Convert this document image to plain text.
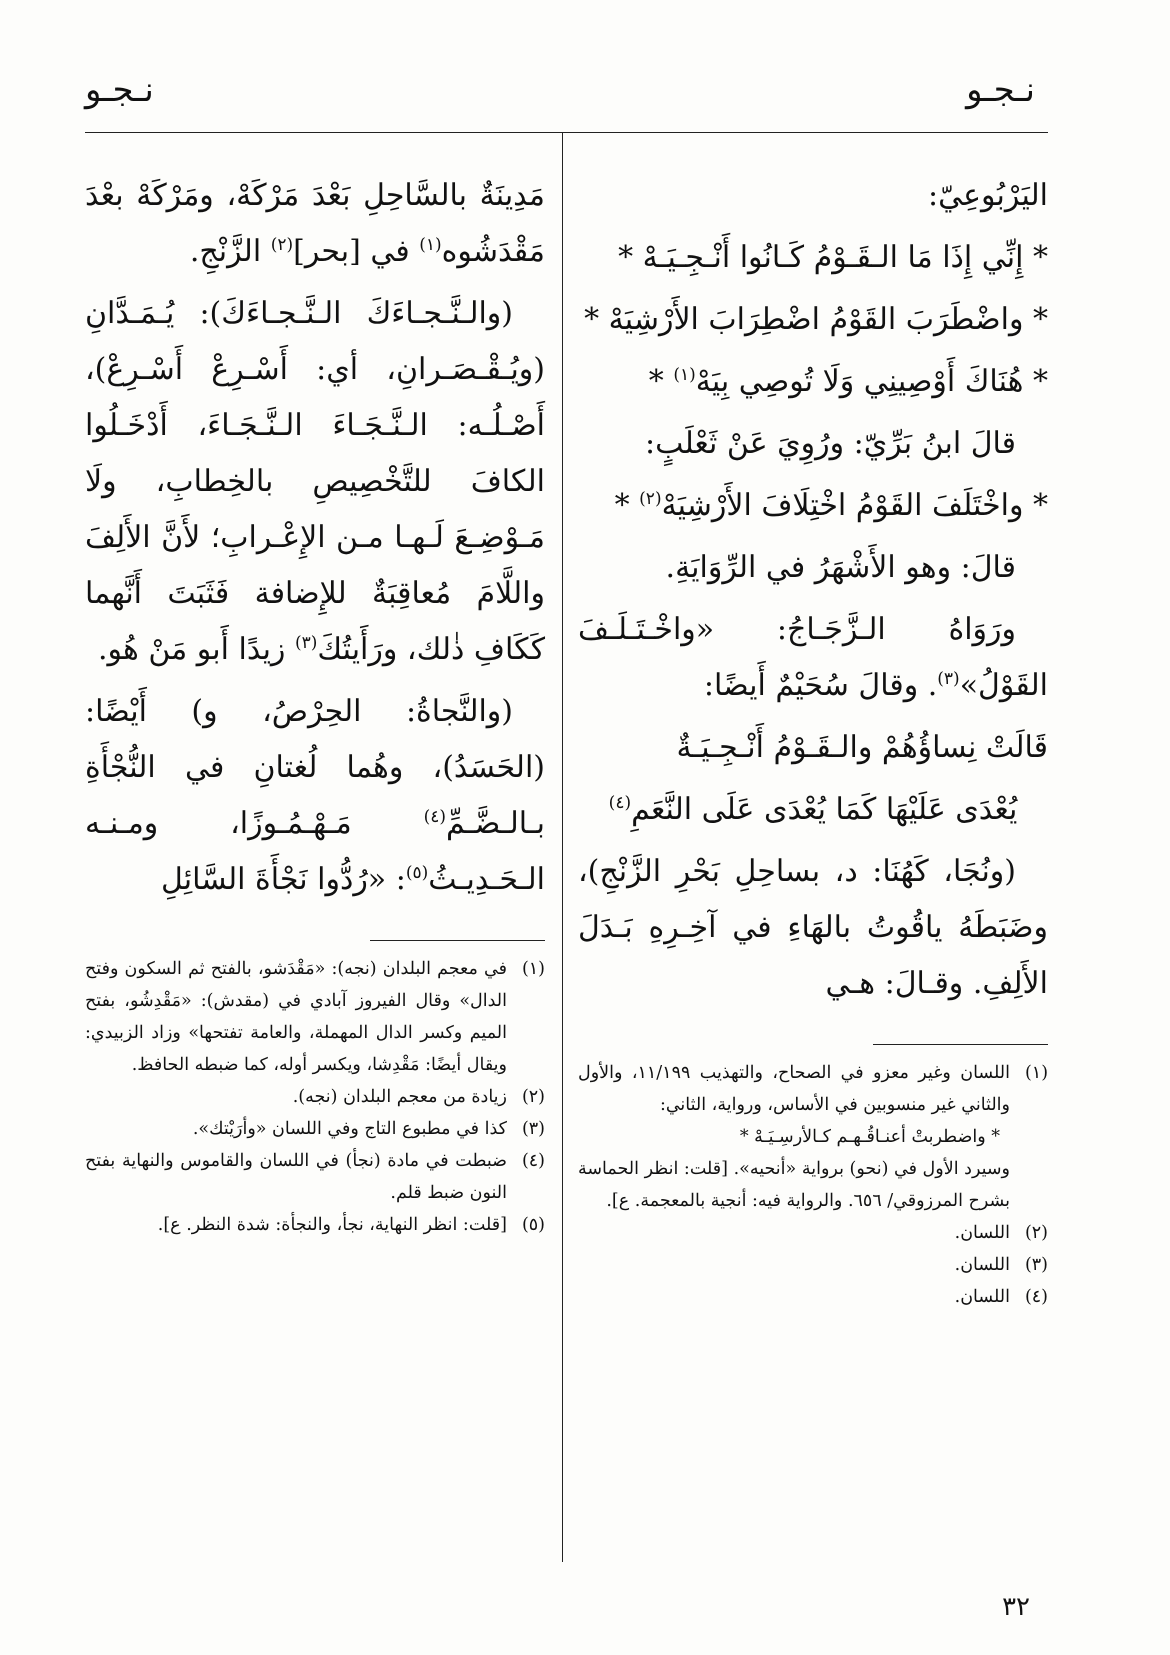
نـجـو
نـجـو

اليَرْبُوعِيّ:

* إِنِّي إِذَا مَا الـقَـوْمُ كَـانُوا أَنْـجِـيَـهْ *

* واضْطَرَبَ القَوْمُ اضْطِرَابَ الأَرْشِيَهْ *

* هُنَاكَ أَوْصِينِي وَلَا تُوصِي بِيَهْ$^{(١)}$ *

قالَ ابنُ بَرِّيّ: ورُوِيَ عَنْ ثَعْلَبٍ:

* واخْتَلَفَ القَوْمُ اخْتِلَافَ الأَرْشِيَهْ$^{(٢)}$ *

قالَ: وهو الأَشْهَرُ في الرِّوَايَةِ.

ورَوَاهُ الـزَّجَـاجُ: «واخْـتَـلَـفَ القَوْلُ»$^{(٣)}$. وقالَ سُحَيْمٌ أَيضًا:

قَالَتْ نِساؤُهُمْ والـقَـوْمُ أَنْـجِـيَـةٌ

يُعْدَى عَلَيْهَا كَمَا يُعْدَى عَلَى النَّعَمِ$^{(٤)}$

(ونُجَا، كَهُنَا: د، بساحِلِ بَحْرِ الزَّنْجِ)، وضَبَطَهُ ياقُوتُ بالهَاءِ في آخِـرِهِ بَـدَلَ الأَلِفِ. وقـالَ: هـي

(١)اللسان وغير معزو في الصحاح، والتهذيب ١١/١٩٩، والأول والثاني غير منسوبين في الأساس، ورواية، الثاني:
* واضطربتْ أعنـاقُـهـم كـالأرسِـيَـهْ *
وسيرد الأول في (نحو) برواية «أنحيه». [قلت: انظر الحماسة بشرح المرزوقي/ ٦٥٦. والرواية فيه: أنجية بالمعجمة. ع].
(٢)اللسان.
(٣)اللسان.
(٤)اللسان.

مَدِينَةٌ بالسَّاحِلِ بَعْدَ مَرْكَهْ، ومَرْكَهْ بعْدَ مَقْدَشُوه$^{(١)}$ في [بحر]$^{(٢)}$ الزَّنْجِ.

(والـنَّـجـاءَكَ الـنَّـجـاءَكَ): يُـمَـدَّانِ (ويُـقْـصَـرانِ، أي: أَسْـرِعْ أَسْـرِعْ)، أَصْـلُـه: الـنَّـجَـاءَ الـنَّـجَـاءَ، أَدْخَـلُوا الكافَ للتَّخْصِيصِ بالخِطابِ، ولَا مَـوْضِـعَ لَـهـا مـن الإِعْـرابِ؛ لأَنَّ الأَلِفَ واللَّامَ مُعاقِبَةٌ للإِضافة فَثَبَتَ أَنَّهما كَكَافِ ذٰلك، ورَأَيتُكَ$^{(٣)}$ زيدًا أَبو مَنْ هُو.

(والنَّجاةُ: الحِرْصُ، و) أَيْضًا: (الحَسَدُ)، وهُما لُغتانِ في النُّجْأَةِ بـالـضَّـمِّ$^{(٤)}$ مَـهْـمُـوزًا، ومـنـه الـحَـدِيـثُ$^{(٥)}$: «رُدُّوا نَجْأَةَ السَّائِلِ

(١)في معجم البلدان (نجه): «مَقْدَشو، بالفتح ثم السكون وفتح الدال» وقال الفيروز آبادي في (مقدش): «مَقْدِشُو، بفتح الميم وكسر الدال المهملة، والعامة تفتحها» وزاد الزبيدي: ويقال أيضًا: مَقْدِشا، ويكسر أوله، كما ضبطه الحافظ.
(٢)زيادة من معجم البلدان (نجه).
(٣)كذا في مطبوع التاج وفي اللسان «وأرَيْتك».
(٤)ضبطت في مادة (نجأ) في اللسان والقاموس والنهاية بفتح النون ضبط قلم.
(٥)[قلت: انظر النهاية، نجأ، والنجأة: شدة النظر. ع].
٣٢
